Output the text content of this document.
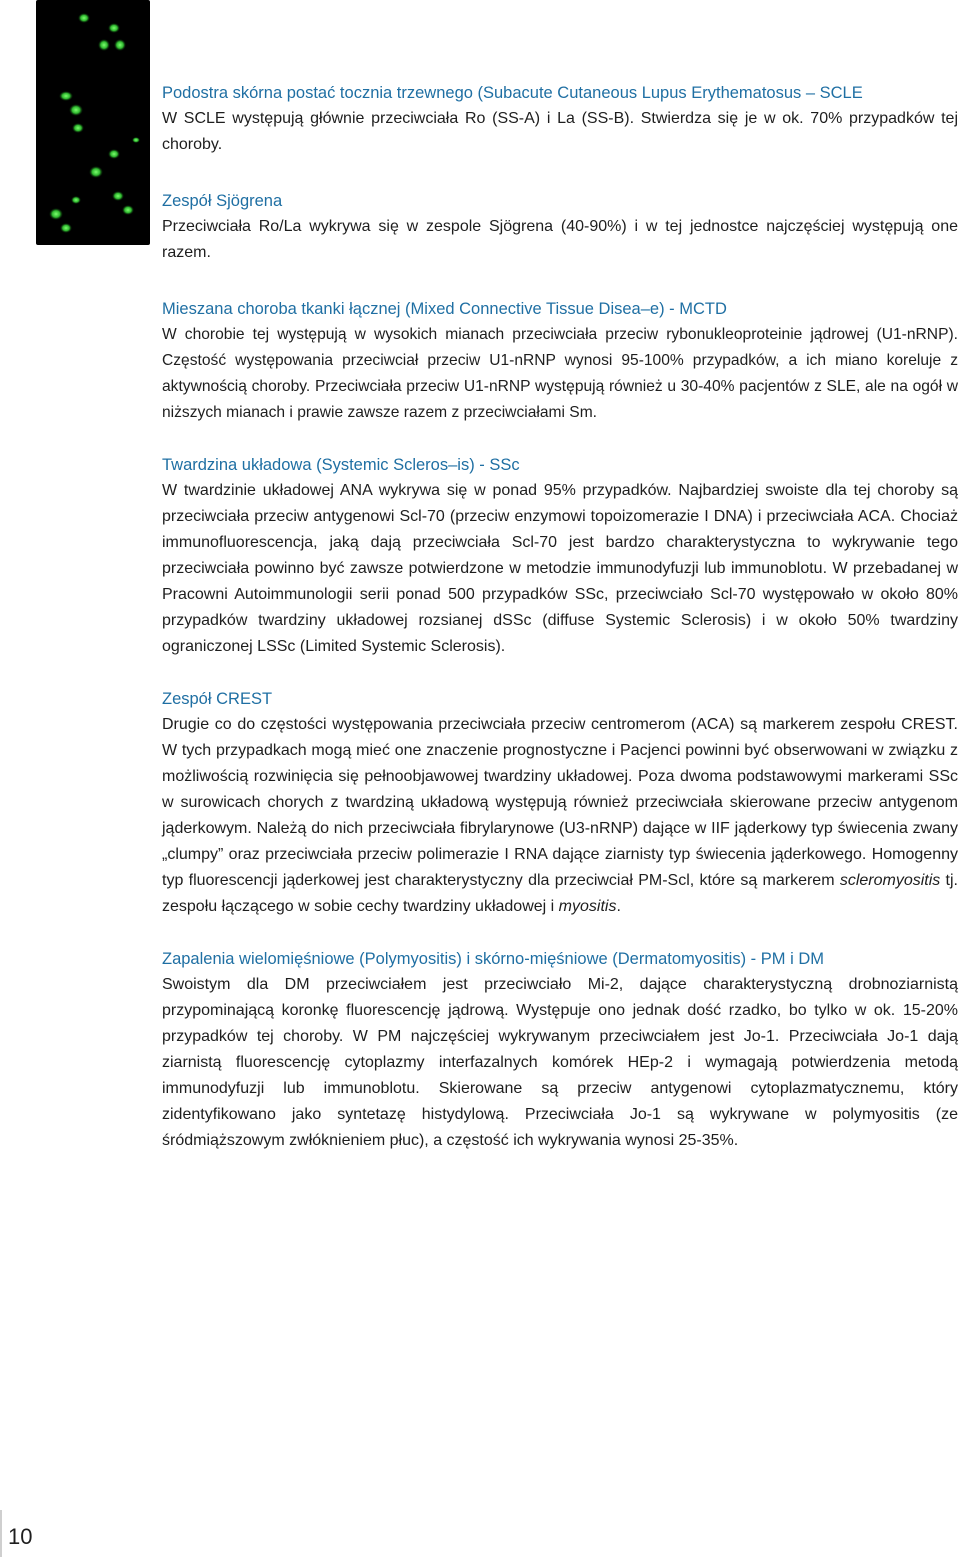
Podostra skórna postać tocznia trzewnego (Subacute Cutaneous Lupus Erythematosus – SCLE

W SCLE występują głównie przeciwciała Ro (SS-A) i La (SS-B). Stwierdza się je w ok. 70% przypadków tej choroby.

Zespół Sjögrena

Przeciwciała Ro/La wykrywa się w zespole Sjögrena (40-90%) i w tej jednostce najczęściej występują one razem.

Mieszana choroba tkanki łącznej (Mixed Connective Tissue Disea–e) - MCTD

W chorobie tej występują w wysokich mianach przeciwciała przeciw rybonukleoproteinie jądrowej (U1-nRNP). Częstość występowania przeciwciał przeciw U1-nRNP wynosi 95-100% przypadków, a ich miano koreluje z aktywnością choroby. Przeciwciała przeciw U1-nRNP występują również u 30-40% pacjentów z SLE, ale na ogół w niższych mianach i prawie zawsze razem z przeciwciałami Sm.

Twardzina układowa (Systemic Scleros–is) - SSc

W twardzinie układowej ANA wykrywa się w ponad 95% przypadków. Najbardziej swoiste dla tej choroby są przeciwciała przeciw antygenowi Scl-70 (przeciw enzymowi topoizomerazie I DNA) i przeciwciała ACA. Chociaż immunofluorescencja, jaką dają przeciwciała Scl-70 jest bardzo charakterystyczna to wykrywanie tego przeciwciała powinno być zawsze potwierdzone w metodzie immunodyfuzji lub immunoblotu. W przebadanej w Pracowni Autoimmunologii serii ponad 500 przypadków SSc, przeciwciało Scl-70 występowało w około 80% przypadków twardziny układowej rozsianej dSSc (diffuse Systemic Sclerosis) i w około 50% twardziny ograniczonej LSSc (Limited Systemic Sclerosis).

Zespół CREST

Drugie co do częstości występowania przeciwciała przeciw centromerom (ACA) są markerem zespołu CREST. W tych przypadkach mogą mieć one znaczenie prognostyczne i Pacjenci powinni być obserwowani w związku z możliwością rozwinięcia się pełnoobjawowej twardziny układowej. Poza dwoma podstawowymi markerami SSc w surowicach chorych z twardziną układową występują również przeciwciała skierowane przeciw antygenom jąderkowym. Należą do nich przeciwciała fibrylarynowe (U3-nRNP) dające w IIF jąderkowy typ świecenia zwany „clumpy” oraz przeciwciała przeciw polimerazie I RNA dające ziarnisty typ świecenia jąderkowego. Homogenny typ fluorescencji jąderkowej jest charakterystyczny dla przeciwciał PM-Scl, które są markerem scleromyositis tj. zespołu łączącego w sobie cechy twardziny układowej i myositis.

Zapalenia wielomięśniowe (Polymyositis) i skórno-mięśniowe (Dermatomyositis) - PM i DM

Swoistym dla DM przeciwciałem jest przeciwciało Mi-2, dające charakterystyczną drobnoziarnistą przypominającą koronkę fluorescencję jądrową. Występuje ono jednak dość rzadko, bo tylko w ok. 15-20% przypadków tej choroby. W PM najczęściej wykrywanym przeciwciałem jest Jo-1. Przeciwciała Jo-1 dają ziarnistą fluorescencję cytoplazmy interfazalnych komórek HEp-2 i wymagają potwierdzenia metodą immunodyfuzji lub immunoblotu. Skierowane są przeciw antygenowi cytoplazmatycznemu, który zidentyfikowano jako syntetazę histydylową. Przeciwciała Jo-1 są wykrywane w polymyositis (ze śródmiąższowym zwłóknieniem płuc), a częstość ich wykrywania wynosi 25-35%.

10
